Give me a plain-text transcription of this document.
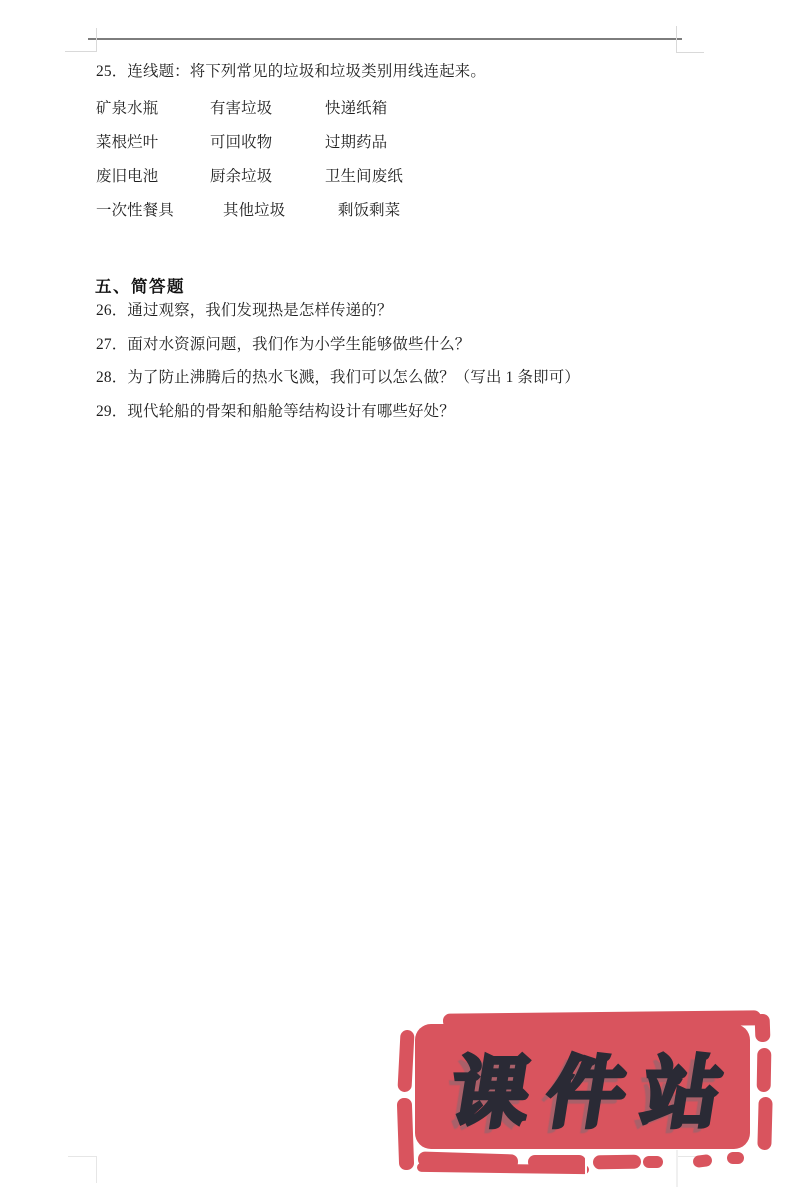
25．连线题：将下列常见的垃圾和垃圾类别用线连起来。
矿泉水瓶	有害垃圾	快递纸箱
菜根烂叶	可回收物	过期药品
废旧电池	厨余垃圾	卫生间废纸
一次性餐具	其他垃圾	剩饭剩菜
五、简答题
26．通过观察，我们发现热是怎样传递的？
27．面对水资源问题，我们作为小学生能够做些什么？
28．为了防止沸腾后的热水飞溅，我们可以怎么做？（写出 1 条即可）
29．现代轮船的骨架和船舱等结构设计有哪些好处？
课件站
